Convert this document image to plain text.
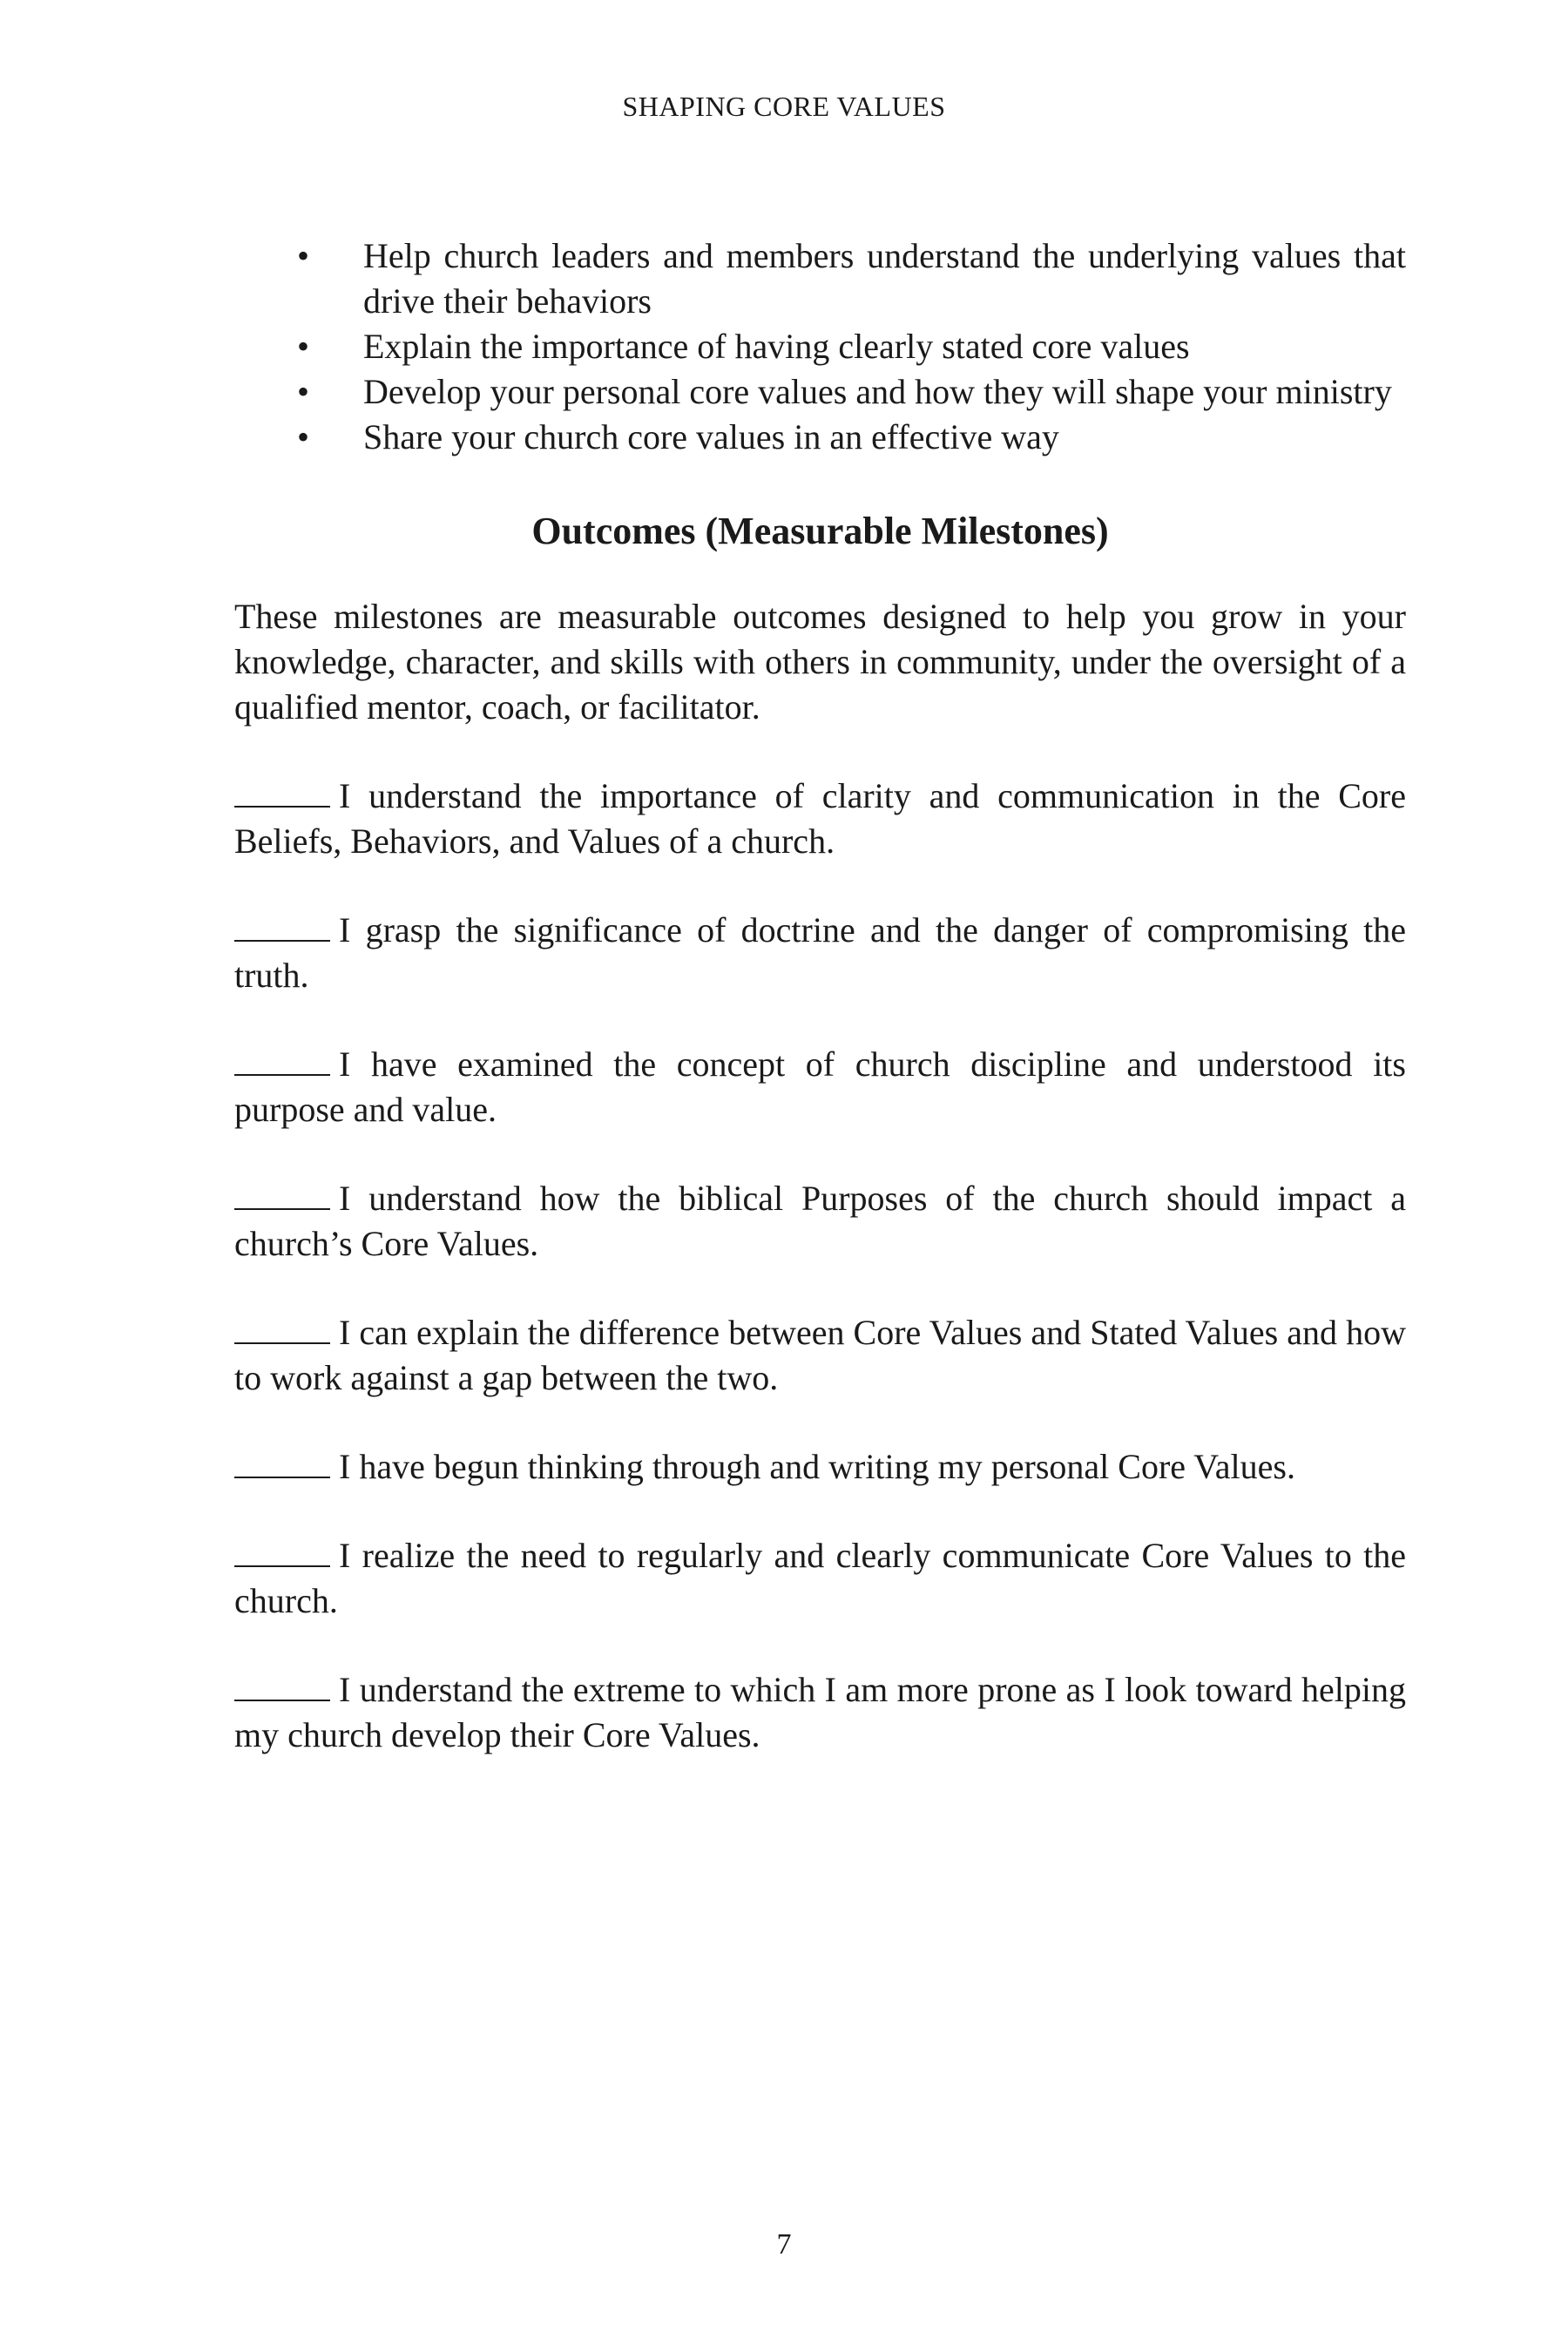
SHAPING CORE VALUES
• Help church leaders and members understand the underlying values that drive their behaviors
• Explain the importance of having clearly stated core values
• Develop your personal core values and how they will shape your ministry
• Share your church core values in an effective way
Outcomes (Measurable Milestones)

These milestones are measurable outcomes designed to help you grow in your knowledge, character, and skills with others in community, under the oversight of a qualified mentor, coach, or facilitator.

I understand the importance of clarity and communication in the Core Beliefs, Behaviors, and Values of a church.

I grasp the significance of doctrine and the danger of compromising the truth.

I have examined the concept of church discipline and understood its purpose and value.

I understand how the biblical Purposes of the church should impact a church’s Core Values.

I can explain the difference between Core Values and Stated Values and how to work against a gap between the two.

I have begun thinking through and writing my personal Core Values.

I realize the need to regularly and clearly communicate Core Values to the church.

I understand the extreme to which I am more prone as I look toward helping my church develop their Core Values.

7
